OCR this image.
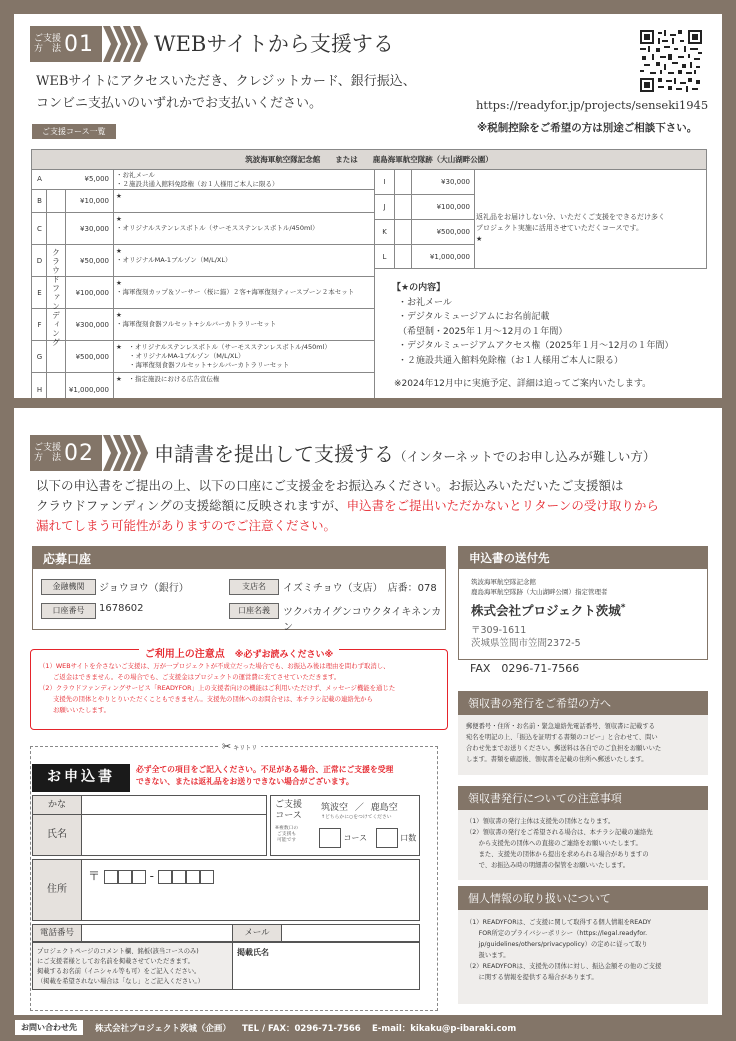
ご支援
方　法 01	WEBサイトから支援する
WEBサイトにアクセスいただき、クレジットカード、銀行振込、
コンビニ支払いのいずれかでお支払いください。	https://readyfor.jp/projects/senseki1945
※税制控除をご希望の方は別途ご相談下さい。
ご支援コース一覧
筑波海軍航空隊記念館　　または　　鹿島海軍航空隊跡（大山湖畔公園）
A	¥5,000	・お礼メール
・２施設共通入館料免除権（お１人様用ご本人に限る）
B	¥10,000
★
C	¥30,000
★
・オリジナルステンレスボトル（サーモスステンレスボトル/450ml）
D	¥50,000
★
・オリジナルMA-1ブルゾン（M/L/XL）
E	¥100,000
★
・海軍復刻カップ＆ソーサー（桜に錨）２客+海軍復刻ティースプーン２本セット
F	¥300,000
★
・海軍復刻食器フルセット+シルバーカトラリーセット
G	¥500,000
★　・オリジナルステンレスボトル（サーモスステンレスボトル/450ml）
　　・オリジナルMA-1ブルゾン（M/L/XL）
　　・海軍復刻食器フルセット+シルバーカトラリーセット
H	¥1,000,000
★　・指定施設における広告宣伝権
クラウドファンディング
I	¥30,000
J	¥100,000
K	¥500,000
L	¥1,000,000
返礼品をお届けしない分、いただくご支援をできるだけ多く
プロジェクト実施に活用させていただくコースです。
★
【★の内容】
・お礼メール
・デジタルミュージアムにお名前記載
（希望制・2025年１月〜12月の１年間）
・デジタルミュージアムアクセス権（2025年１月〜12月の１年間）
・２施設共通入館料免除権（お１人様用ご本人に限る）
※2024年12月中に実施予定、詳細は追ってご案内いたします。
ご支援
方　法 02	申請書を提出して支援する（インターネットでのお申し込みが難しい方）
以下の申込書をご提出の上、以下の口座にご支援金をお振込みください。お振込みいただいたご支援額は
クラウドファンディングの支援総額に反映されますが、申込書をご提出いただかないとリターンの受け取りから
漏れてしまう可能性がありますのでご注意ください。
応募口座
金融機関	ジョウヨウ（銀行）	支店名	イズミチョウ（支店）　店番：078
口座番号	1678602	口座名義	ツクバカイグンコウクタイキネンカン
ご利用上の注意点　 ※必ずお読みください※
（1）WEBサイトを介さないご支援は、万が一プロジェクトが不成立だった場合でも、お振込み後は理由を問わず取消し、
ご返金はできません。その場合でも、ご支援金はプロジェクトの運営費に充てさせていただきます。
（2）クラウドファンディングサービス「READYFOR」上の支援者向けの機能はご利用いただけず、メッセージ機能を通じた
支援先の団体とやりとりいただくこともできません。支援先の団体へのお問合せは、本チラシ記載の連絡先から
お願いいたします。
申込書の送付先
筑波海軍航空隊記念館
鹿島海軍航空隊跡（大山湖畔公園）指定管理者
株式会社プロジェクト茨城*
〒309-1611
茨城県笠間市笠間2372-5
FAX　0296-71-7566
領収書の発行をご希望の方へ
郵便番号・住所・お名前・緊急連絡先電話番号、領収書に記載する
宛名を明記の上、「振込を証明する書類のコピー」と合わせて、問い
合わせ先までお送りください。郵送料は各自でのご負担をお願いいた
します。書類を確認後、領収書を記載の住所へ郵送いたします。
領収書発行についての注意事項
（1）領収書の発行主体は支援先の団体となります。
（2）領収書の発行をご希望される場合は、本チラシ記載の連絡先
　　から支援先の団体への直接のご連絡をお願いいたします。
　　また、支援先の団体から提出を求められる場合がありますの
　　で、お振込み時の明細書の保管をお願いいたします。
個人情報の取り扱いについて
（1）READYFORは、ご支援に関して取得する個人情報をREADY
　　FOR所定のプライバシーポリシー（https://legal.readyfor.
　　jp/guidelines/others/privacypolicy）の定めに従って取り
　　扱います。
（2）READYFORは、支援先の団体に対し、振込金額その他のご支援
　　に関する情報を提供する場合があります。
✂ キリトリ
お申込書	必ず全ての項目をご記入ください。不足がある場合、正常にご支援を受理
できない、または返礼品をお送りできない場合がございます。
かな
氏名
ご支援
コース
※複数口の
ご支援も
可能です
筑波空 ／ 鹿島空
↑どちらかに○をつけてください
コース	口数
住所
〒	-
電話番号	メール
プロジェクトページのコメント欄、銘板(該当コースのみ)
にご支援者様としてお名前を掲載させていただきます。
掲載するお名前（イニシャル等も可）をご記入ください。
（掲載を希望されない場合は「なし」とご記入ください。）
掲載氏名
お問い合わせ先	株式会社プロジェクト茨城（企画） TEL / FAX：0296-71-7566 E-mail：kikaku@p-ibaraki.com
